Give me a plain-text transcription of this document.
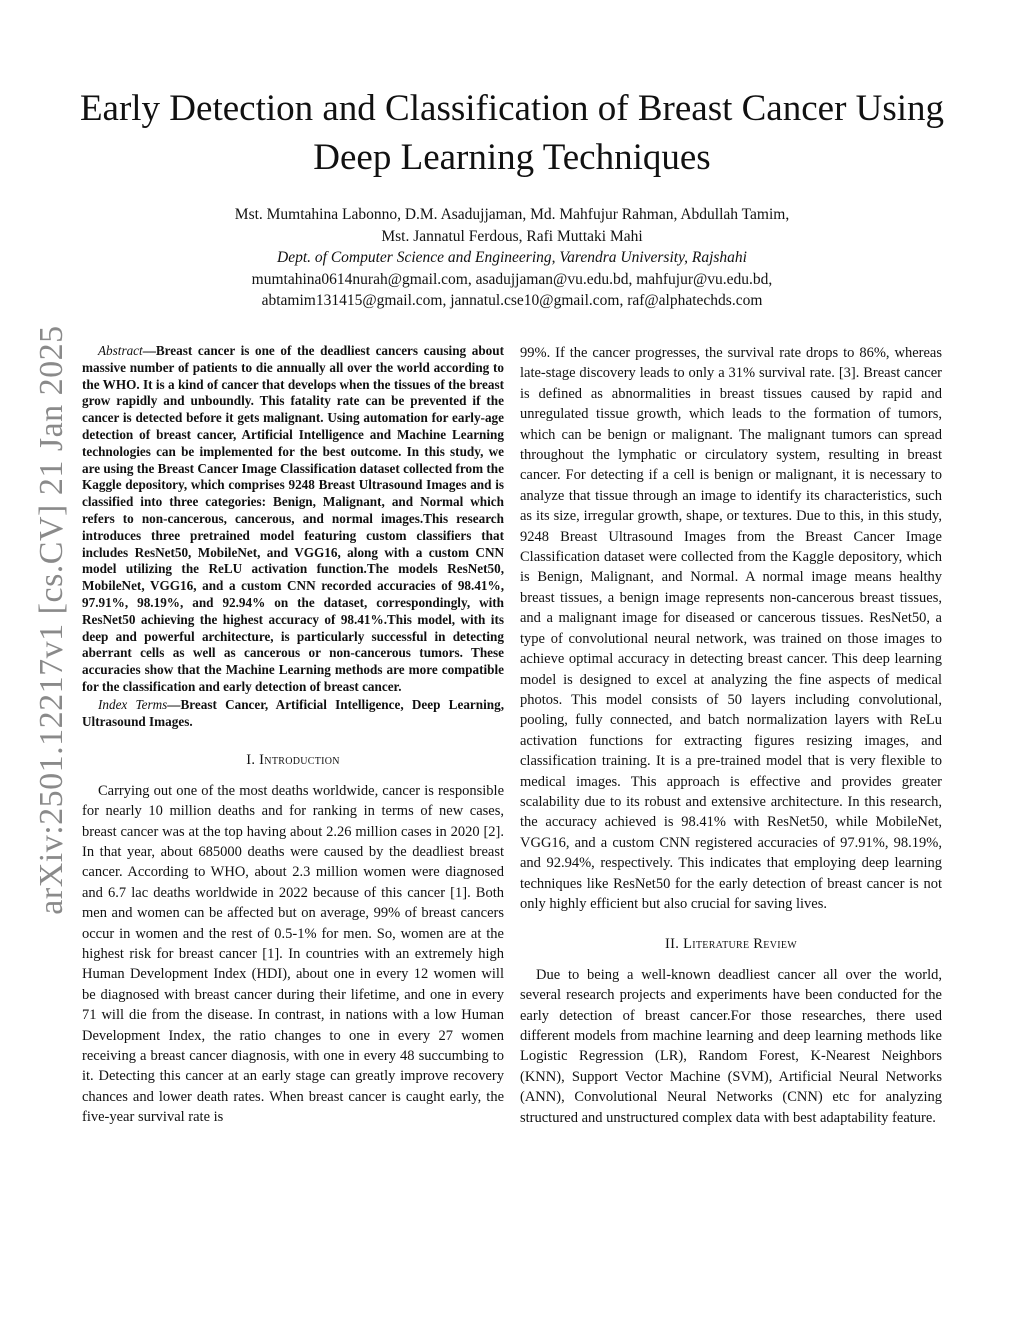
Early Detection and Classification of Breast Cancer Using Deep Learning Techniques
Mst. Mumtahina Labonno, D.M. Asadujjaman, Md. Mahfujur Rahman, Abdullah Tamim,
Mst. Jannatul Ferdous, Rafi Muttaki Mahi
Dept. of Computer Science and Engineering, Varendra University, Rajshahi
mumtahina0614nurah@gmail.com, asadujjaman@vu.edu.bd, mahfujur@vu.edu.bd,
abtamim131415@gmail.com, jannatul.cse10@gmail.com, raf@alphatechds.com
arXiv:2501.12217v1 [cs.CV] 21 Jan 2025	Abstract—Breast cancer is one of the deadliest cancers causing about massive number of patients to die annually all over the world according to the WHO. It is a kind of cancer that develops when the tissues of the breast grow rapidly and unboundly. This fatality rate can be prevented if the cancer is detected before it gets malignant. Using automation for early-age detection of breast cancer, Artificial Intelligence and Machine Learning technologies can be implemented for the best outcome. In this study, we are using the Breast Cancer Image Classification dataset collected from the Kaggle depository, which comprises 9248 Breast Ultrasound Images and is classified into three categories: Benign, Malignant, and Normal which refers to non-cancerous, cancerous, and normal images.This research introduces three pretrained model featuring custom classifiers that includes ResNet50, MobileNet, and VGG16, along with a custom CNN model utilizing the ReLU activation function.The models ResNet50, MobileNet, VGG16, and a custom CNN recorded accuracies of 98.41%, 97.91%, 98.19%, and 92.94% on the dataset, correspondingly, with ResNet50 achieving the highest accuracy of 98.41%.This model, with its deep and powerful architecture, is particularly successful in detecting aberrant cells as well as cancerous or non-cancerous tumors. These accuracies show that the Machine Learning methods are more compatible for the classification and early detection of breast cancer.

Index Terms—Breast Cancer, Artificial Intelligence, Deep Learning, Ultrasound Images.

I. Introduction

Carrying out one of the most deaths worldwide, cancer is responsible for nearly 10 million deaths and for ranking in terms of new cases, breast cancer was at the top having about 2.26 million cases in 2020 [2]. In that year, about 685000 deaths were caused by the deadliest breast cancer. According to WHO, about 2.3 million women were diagnosed and 6.7 lac deaths worldwide in 2022 because of this cancer [1]. Both men and women can be affected but on average, 99% of breast cancers occur in women and the rest of 0.5-1% for men. So, women are at the highest risk for breast cancer [1]. In countries with an extremely high Human Development Index (HDI), about one in every 12 women will be diagnosed with breast cancer during their lifetime, and one in every 71 will die from the disease. In contrast, in nations with a low Human Development Index, the ratio changes to one in every 27 women receiving a breast cancer diagnosis, with one in every 48 succumbing to it. Detecting this cancer at an early stage can greatly improve recovery chances and lower death rates. When breast cancer is caught early, the five-year survival rate is

99%. If the cancer progresses, the survival rate drops to 86%, whereas late-stage discovery leads to only a 31% survival rate. [3]. Breast cancer is defined as abnormalities in breast tissues caused by rapid and unregulated tissue growth, which leads to the formation of tumors, which can be benign or malignant. The malignant tumors can spread throughout the lymphatic or circulatory system, resulting in breast cancer. For detecting if a cell is benign or malignant, it is necessary to analyze that tissue through an image to identify its characteristics, such as its size, irregular growth, shape, or textures. Due to this, in this study, 9248 Breast Ultrasound Images from the Breast Cancer Image Classification dataset were collected from the Kaggle depository, which is Benign, Malignant, and Normal. A normal image means healthy breast tissues, a benign image represents non-cancerous breast tissues, and a malignant image for diseased or cancerous tissues. ResNet50, a type of convolutional neural network, was trained on those images to achieve optimal accuracy in detecting breast cancer. This deep learning model is designed to excel at analyzing the fine aspects of medical photos. This model consists of 50 layers including convolutional, pooling, fully connected, and batch normalization layers with ReLu activation functions for extracting figures resizing images, and classification training. It is a pre-trained model that is very flexible to medical images. This approach is effective and provides greater scalability due to its robust and extensive architecture. In this research, the accuracy achieved is 98.41% with ResNet50, while MobileNet, VGG16, and a custom CNN registered accuracies of 97.91%, 98.19%, and 92.94%, respectively. This indicates that employing deep learning techniques like ResNet50 for the early detection of breast cancer is not only highly efficient but also crucial for saving lives.

II. Literature Review

Due to being a well-known deadliest cancer all over the world, several research projects and experiments have been conducted for the early detection of breast cancer.For those researches, there used different models from machine learning and deep learning methods like Logistic Regression (LR), Random Forest, K-Nearest Neighbors (KNN), Support Vector Machine (SVM), Artificial Neural Networks (ANN), Convolutional Neural Networks (CNN) etc for analyzing structured and unstructured complex data with best adaptability feature.
